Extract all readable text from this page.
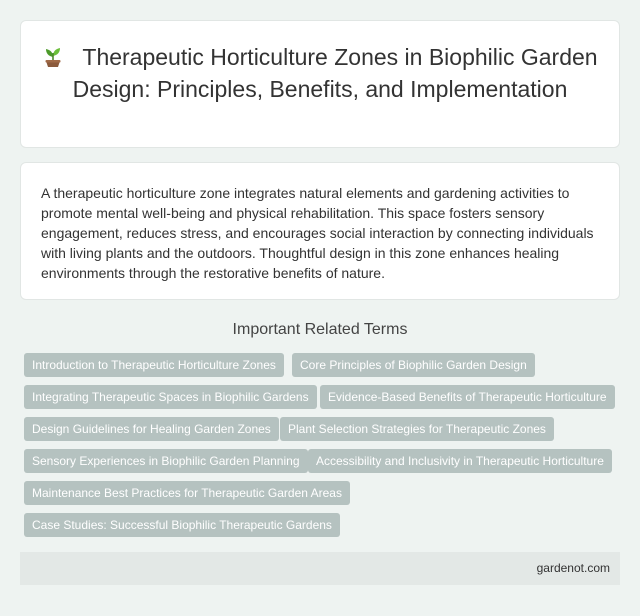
Therapeutic Horticulture Zones in Biophilic Garden Design: Principles, Benefits, and Implementation

A therapeutic horticulture zone integrates natural elements and gardening activities to promote mental well-being and physical rehabilitation. This space fosters sensory engagement, reduces stress, and encourages social interaction by connecting individuals with living plants and the outdoors. Thoughtful design in this zone enhances healing environments through the restorative benefits of nature.

Important Related Terms
Introduction to Therapeutic Horticulture Zones	Core Principles of Biophilic Garden Design
Integrating Therapeutic Spaces in Biophilic Gardens	Evidence-Based Benefits of Therapeutic Horticulture
Design Guidelines for Healing Garden Zones	Plant Selection Strategies for Therapeutic Zones
Sensory Experiences in Biophilic Garden Planning	Accessibility and Inclusivity in Therapeutic Horticulture
Maintenance Best Practices for Therapeutic Garden Areas
Case Studies: Successful Biophilic Therapeutic Gardens
gardenot.com
